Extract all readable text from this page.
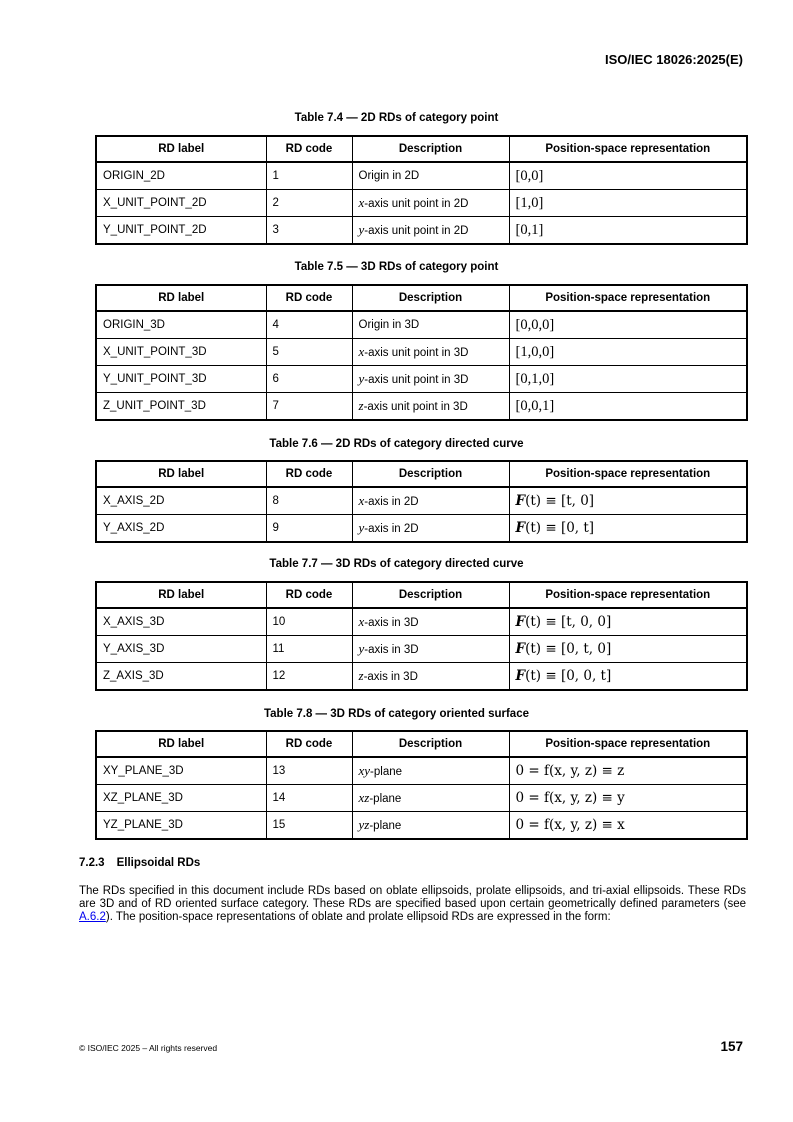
ISO/IEC 18026:2025(E)
Table 7.4 — 2D RDs of category point
RD label	RD code	Description	Position-space representation
ORIGIN_2D	1	Origin in 2D	[0,0]
X_UNIT_POINT_2D	2	x-axis unit point in 2D	[1,0]
Y_UNIT_POINT_2D	3	y-axis unit point in 2D	[0,1]
Table 7.5 — 3D RDs of category point
RD label	RD code	Description	Position-space representation
ORIGIN_3D	4	Origin in 3D	[0,0,0]
X_UNIT_POINT_3D	5	x-axis unit point in 3D	[1,0,0]
Y_UNIT_POINT_3D	6	y-axis unit point in 3D	[0,1,0]
Z_UNIT_POINT_3D	7	z-axis unit point in 3D	[0,0,1]
Table 7.6 — 2D RDs of category directed curve
RD label	RD code	Description	Position-space representation
X_AXIS_2D	8	x-axis in 2D	F(t) ≡ [t, 0]
Y_AXIS_2D	9	y-axis in 2D	F(t) ≡ [0, t]
Table 7.7 — 3D RDs of category directed curve
RD label	RD code	Description	Position-space representation
X_AXIS_3D	10	x-axis in 3D	F(t) ≡ [t, 0, 0]
Y_AXIS_3D	11	y-axis in 3D	F(t) ≡ [0, t, 0]
Z_AXIS_3D	12	z-axis in 3D	F(t) ≡ [0, 0, t]
Table 7.8 — 3D RDs of category oriented surface
RD label	RD code	Description	Position-space representation
XY_PLANE_3D	13	xy-plane	0 = f(x, y, z) ≡ z
XZ_PLANE_3D	14	xz-plane	0 = f(x, y, z) ≡ y
YZ_PLANE_3D	15	yz-plane	0 = f(x, y, z) ≡ x
7.2.3 Ellipsoidal RDs
The RDs specified in this document include RDs based on oblate ellipsoids, prolate ellipsoids, and tri-axial ellipsoids. These RDs are 3D and of RD oriented surface category. These RDs are specified based upon certain geometrically defined parameters (see A.6.2). The position-space representations of oblate and prolate ellipsoid RDs are expressed in the form:
© ISO/IEC 2025 – All rights reserved	157
